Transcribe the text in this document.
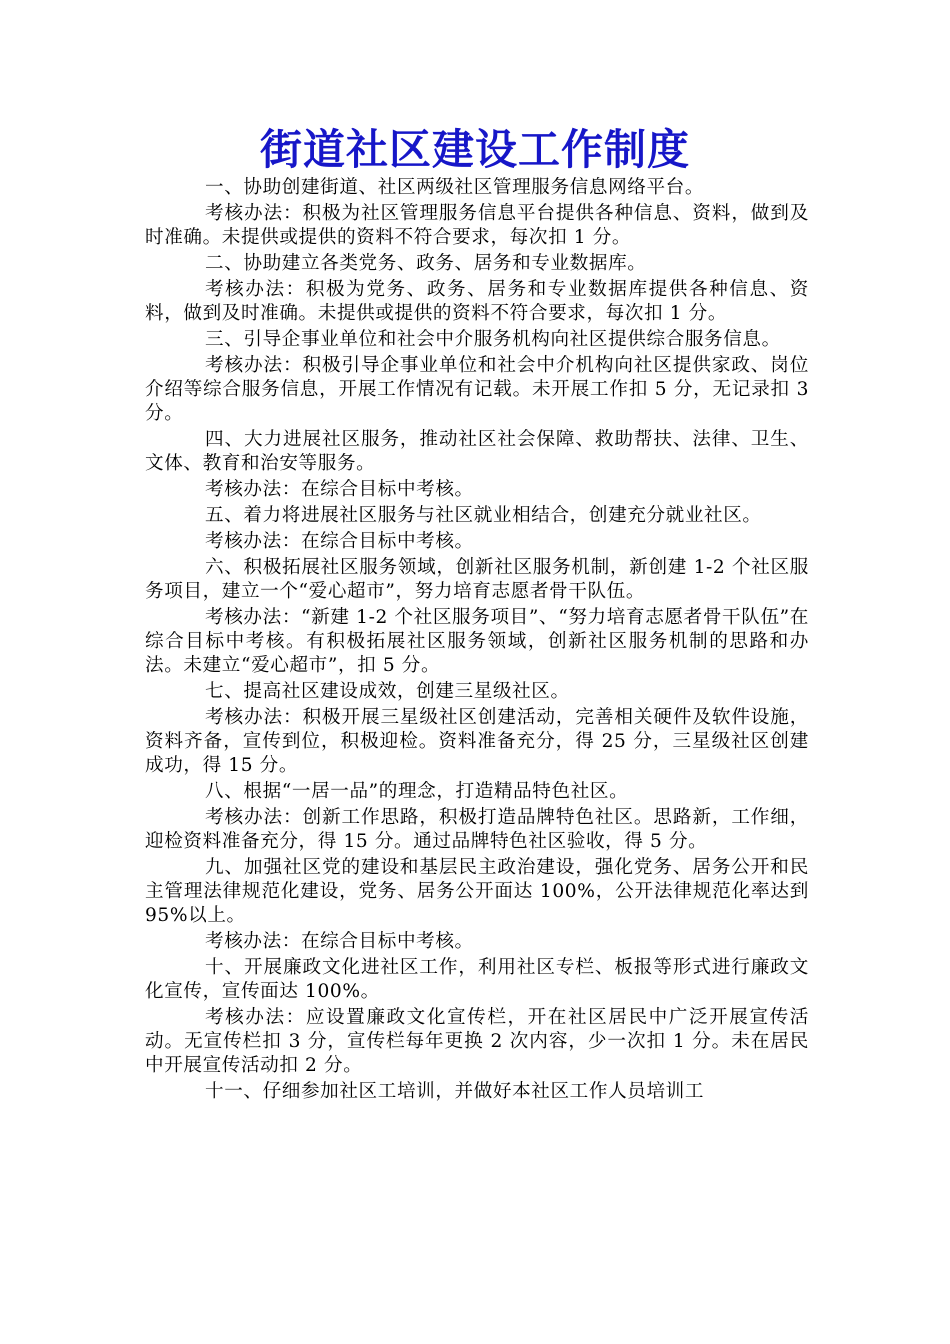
街道社区建设工作制度

一、协助创建街道、社区两级社区管理服务信息网络平台。

考核办法：积极为社区管理服务信息平台提供各种信息、资料，做到及时准确。未提供或提供的资料不符合要求，每次扣 1 分。

二、协助建立各类党务、政务、居务和专业数据库。

考核办法：积极为党务、政务、居务和专业数据库提供各种信息、资料，做到及时准确。未提供或提供的资料不符合要求，每次扣 1 分。

三、引导企事业单位和社会中介服务机构向社区提供综合服务信息。

考核办法：积极引导企事业单位和社会中介机构向社区提供家政、岗位介绍等综合服务信息，开展工作情况有记载。未开展工作扣 5 分，无记录扣 3 分。

四、大力进展社区服务，推动社区社会保障、救助帮扶、法律、卫生、文体、教育和治安等服务。

考核办法：在综合目标中考核。

五、着力将进展社区服务与社区就业相结合，创建充分就业社区。

考核办法：在综合目标中考核。

六、积极拓展社区服务领域，创新社区服务机制，新创建 1-2 个社区服务项目，建立一个“爱心超市”，努力培育志愿者骨干队伍。

考核办法：“新建 1-2 个社区服务项目”、“努力培育志愿者骨干队伍”在综合目标中考核。有积极拓展社区服务领域，创新社区服务机制的思路和办法。未建立“爱心超市”，扣 5 分。

七、提高社区建设成效，创建三星级社区。

考核办法：积极开展三星级社区创建活动，完善相关硬件及软件设施，资料齐备，宣传到位，积极迎检。资料准备充分，得 25 分，三星级社区创建成功，得 15 分。

八、根据“一居一品”的理念，打造精品特色社区。

考核办法：创新工作思路，积极打造品牌特色社区。思路新，工作细，迎检资料准备充分，得 15 分。通过品牌特色社区验收，得 5 分。

九、加强社区党的建设和基层民主政治建设，强化党务、居务公开和民主管理法律规范化建设，党务、居务公开面达 100%，公开法律规范化率达到 95%以上。

考核办法：在综合目标中考核。

十、开展廉政文化进社区工作，利用社区专栏、板报等形式进行廉政文化宣传，宣传面达 100%。

考核办法：应设置廉政文化宣传栏，开在社区居民中广泛开展宣传活动。无宣传栏扣 3 分，宣传栏每年更换 2 次内容，少一次扣 1 分。未在居民中开展宣传活动扣 2 分。

十一、仔细参加社区工培训，并做好本社区工作人员培训工
